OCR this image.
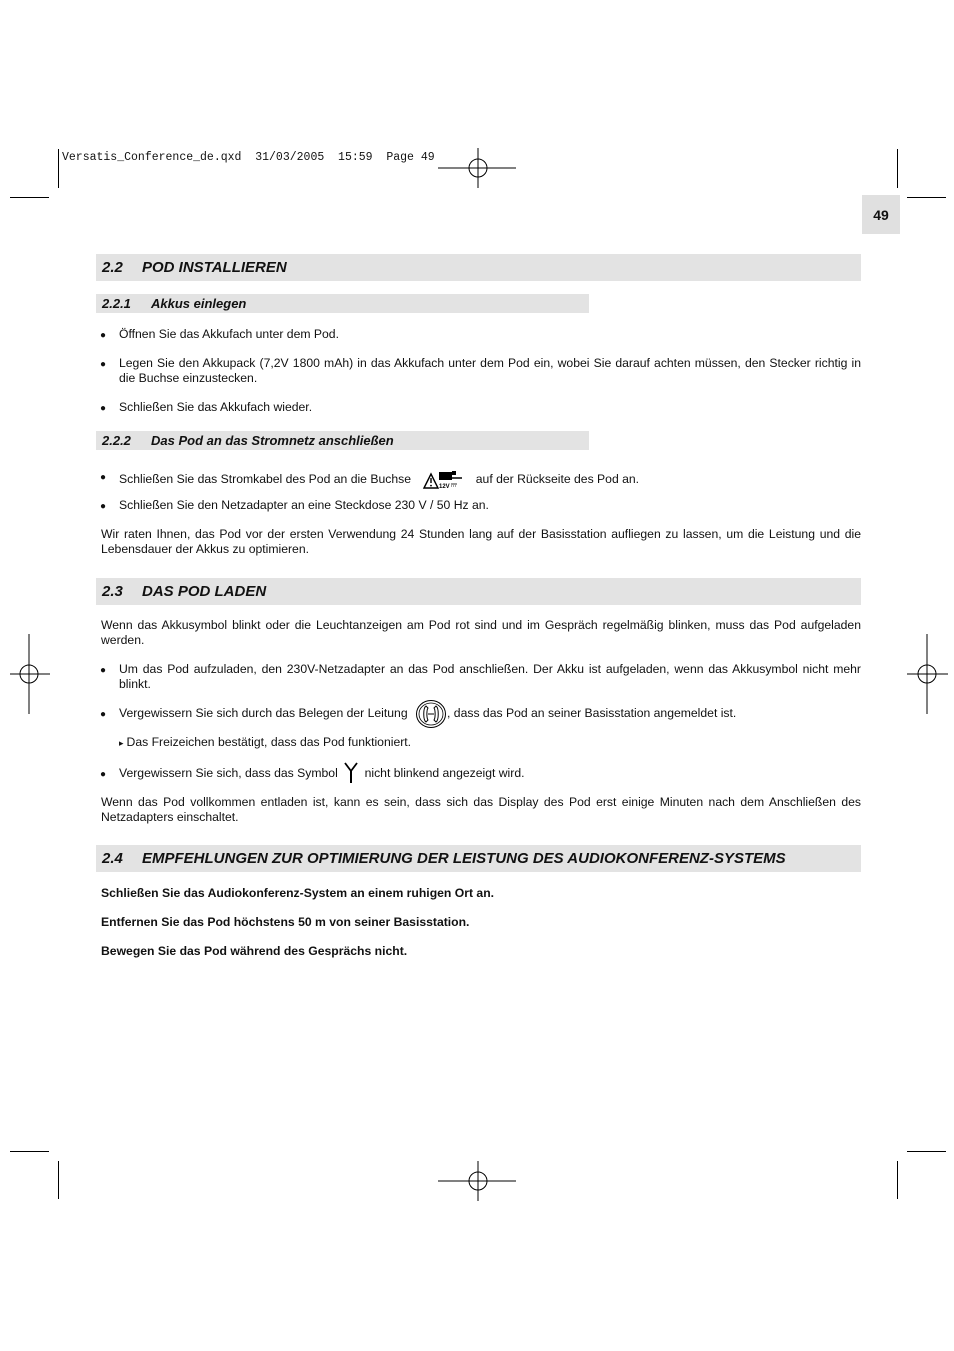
Versatis_Conference_de.qxd  31/03/2005  15:59  Page 49
49
2.2	POD INSTALLIEREN
2.2.1	Akkus einlegen
● Öffnen Sie das Akkufach unter dem Pod.
● Legen Sie den Akkupack (7,2V 1800 mAh) in das Akkufach unter dem Pod ein, wobei Sie darauf achten müssen, den Stecker richtig in die Buchse einzustecken.
● Schließen Sie das Akkufach wieder.
2.2.2	Das Pod an das Stromnetz anschließen
● Schließen Sie das Stromkabel des Pod an die Buchse
12V
auf der Rückseite des Pod an.
● Schließen Sie den Netzadapter an eine Steckdose 230 V / 50 Hz an.
Wir raten Ihnen, das Pod vor der ersten Verwendung 24 Stunden lang auf der Basisstation aufliegen zu lassen, um die Leistung und die Lebensdauer der Akkus zu optimieren.
2.3	DAS POD LADEN
Wenn das Akkusymbol blinkt oder die Leuchtanzeigen am Pod rot sind und im Gespräch regelmäßig blinken, muss das Pod aufgeladen werden.
● Um das Pod aufzuladen, den 230V-Netzadapter an das Pod anschließen. Der Akku ist aufgeladen, wenn das Akkusymbol nicht mehr blinkt.
● Vergewissern Sie sich durch das Belegen der Leitung	, dass das Pod an seiner Basisstation angemeldet ist.
▸ Das Freizeichen bestätigt, dass das Pod funktioniert.
● Vergewissern Sie sich, dass das Symbol nicht blinkend angezeigt wird.
Wenn das Pod vollkommen entladen ist, kann es sein, dass sich das Display des Pod erst einige Minuten nach dem Anschließen des Netzadapters einschaltet.
2.4	EMPFEHLUNGEN ZUR OPTIMIERUNG DER LEISTUNG DES AUDIOKONFERENZ-SYSTEMS
Schließen Sie das Audiokonferenz-System an einem ruhigen Ort an.
Entfernen Sie das Pod höchstens 50 m von seiner Basisstation.
Bewegen Sie das Pod während des Gesprächs nicht.
